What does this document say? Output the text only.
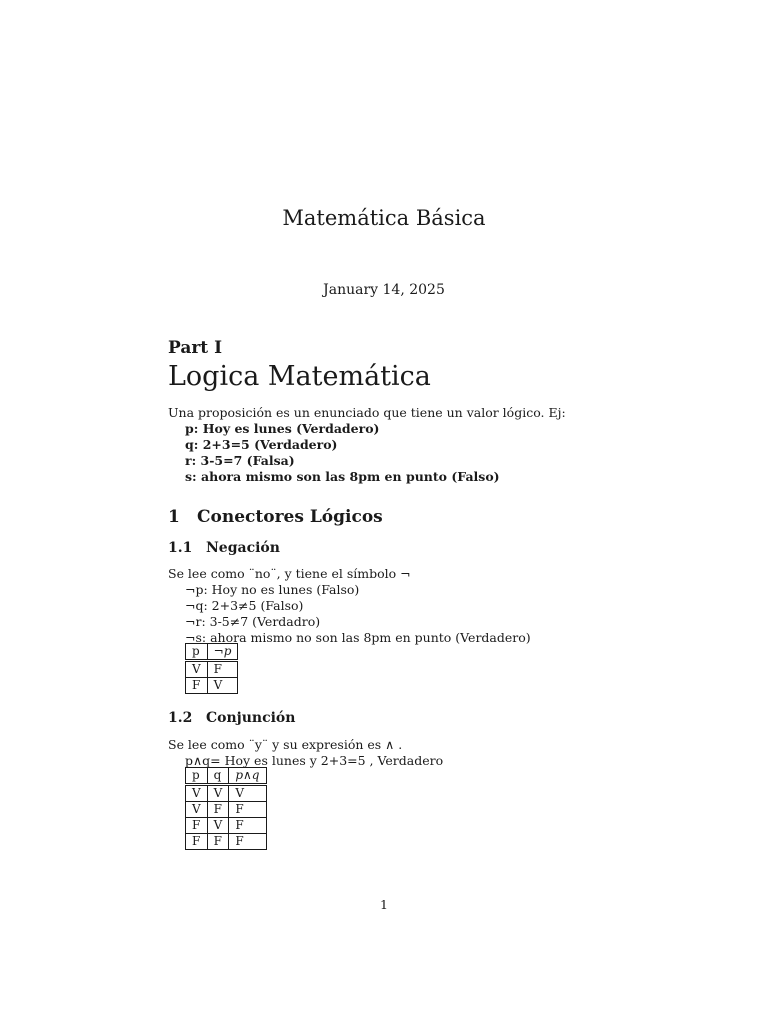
Matemática Básica
January 14, 2025
Part I
Logica Matemática
Una proposición es un enunciado que tiene un valor lógico. Ej:
p: Hoy es lunes (Verdadero)
q: 2+3=5 (Verdadero)
r: 3-5=7 (Falsa)
s: ahora mismo son las 8pm en punto (Falso)
1 Conectores Lógicos
1.1 Negación
Se lee como ¨no¨, y tiene el símbolo ¬
¬p: Hoy no es lunes (Falso)
¬q: 2+3≠5 (Falso)
¬r: 3-5≠7 (Verdadro)
¬s: ahora mismo no son las 8pm en punto (Verdadero)
p	¬p
V	F
F	V
1.2 Conjunción
Se lee como ¨y¨ y su expresión es ∧ .
p∧q= Hoy es lunes y 2+3=5 , Verdadero
p	q	p∧q
V	V	V
V	F	F
F	V	F
F	F	F
1
